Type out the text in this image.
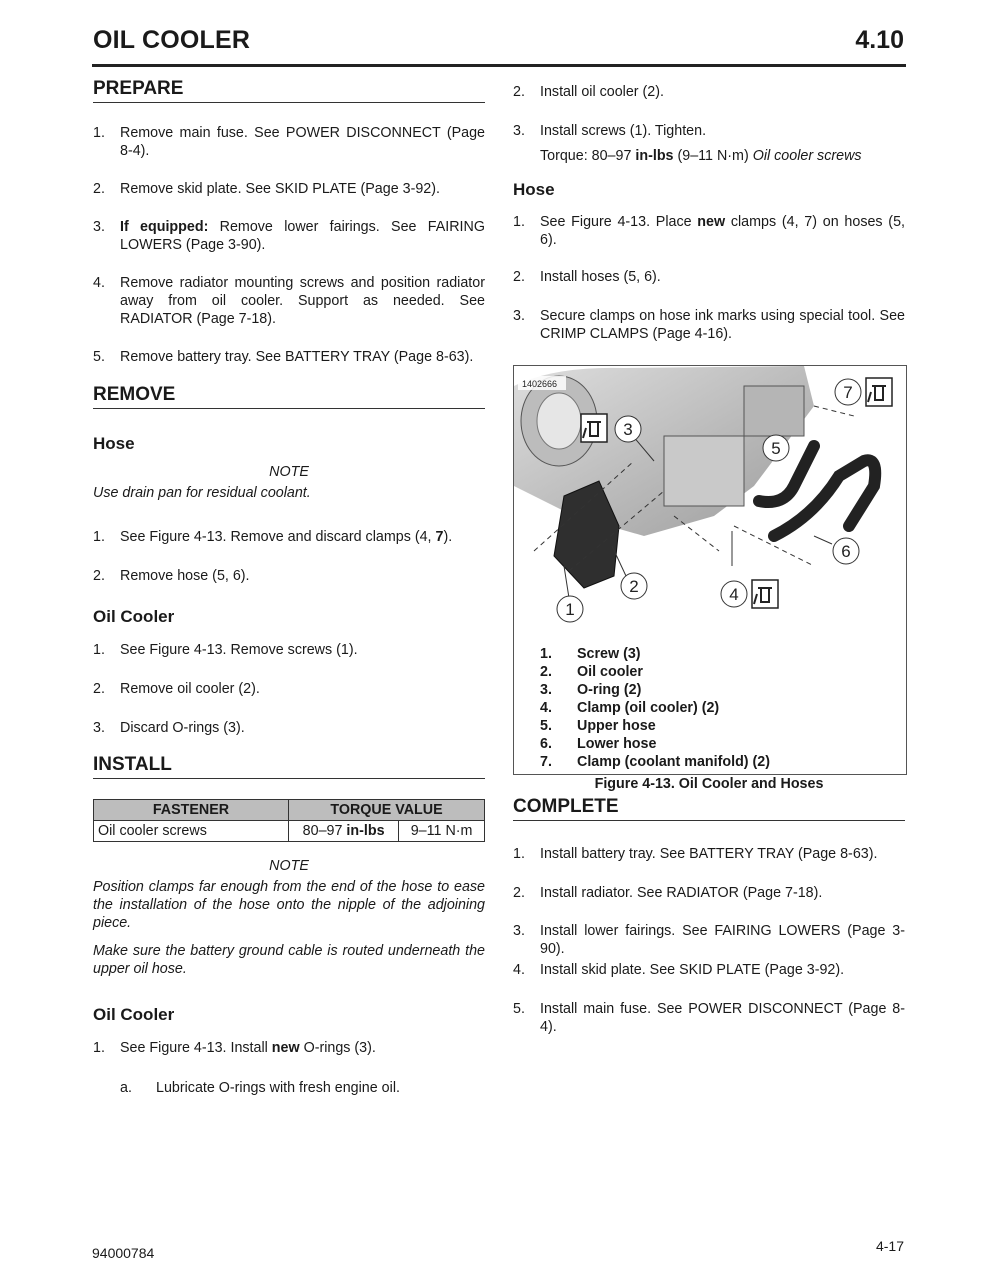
OIL COOLER	4.10
PREPARE
1.	Remove main fuse. See POWER DISCONNECT (Page 8-4).
2.	Remove skid plate. See SKID PLATE (Page 3-92).
3.	If equipped: Remove lower fairings. See FAIRING LOWERS (Page 3-90).
4.	Remove radiator mounting screws and position radiator away from oil cooler. Support as needed. See RADIATOR (Page 7-18).
5.	Remove battery tray. See BATTERY TRAY (Page 8-63).
REMOVE
Hose
NOTE
Use drain pan for residual coolant.
1.	See Figure 4-13. Remove and discard clamps (4, 7).
2.	Remove hose (5, 6).
Oil Cooler
1.	See Figure 4-13. Remove screws (1).
2.	Remove oil cooler (2).
3.	Discard O-rings (3).
INSTALL
FASTENER	TORQUE VALUE	
Oil cooler screws	80–97 in-lbs	9–11 N·m
NOTE
Position clamps far enough from the end of the hose to ease the installation of the hose onto the nipple of the adjoining piece.
Make sure the battery ground cable is routed underneath the upper oil hose.
Oil Cooler
1.	See Figure 4-13. Install new O-rings (3).
a.	Lubricate O-rings with fresh engine oil.
2.	Install oil cooler (2).
3.	Install screws (1). Tighten.
Torque: 80–97 in-lbs (9–11 N·m) Oil cooler screws
Hose
1.	See Figure 4-13. Place new clamps (4, 7) on hoses (5, 6).
2.	Install hoses (5, 6).
3.	Secure clamps on hose ink marks using special tool. See CRIMP CLAMPS (Page 4-16).
1402666
1
2
3
4
5
6
7
1.	Screw (3)
2.	Oil cooler
3.	O-ring (2)
4.	Clamp (oil cooler) (2)
5.	Upper hose
6.	Lower hose
7.	Clamp (coolant manifold) (2)
Figure 4-13. Oil Cooler and Hoses
COMPLETE
1.	Install battery tray. See BATTERY TRAY (Page 8-63).
2.	Install radiator. See RADIATOR (Page 7-18).
3.	Install lower fairings. See FAIRING LOWERS (Page 3-90).
4.	Install skid plate. See SKID PLATE (Page 3-92).
5.	Install main fuse. See POWER DISCONNECT (Page 8-4).
94000784	4-17
